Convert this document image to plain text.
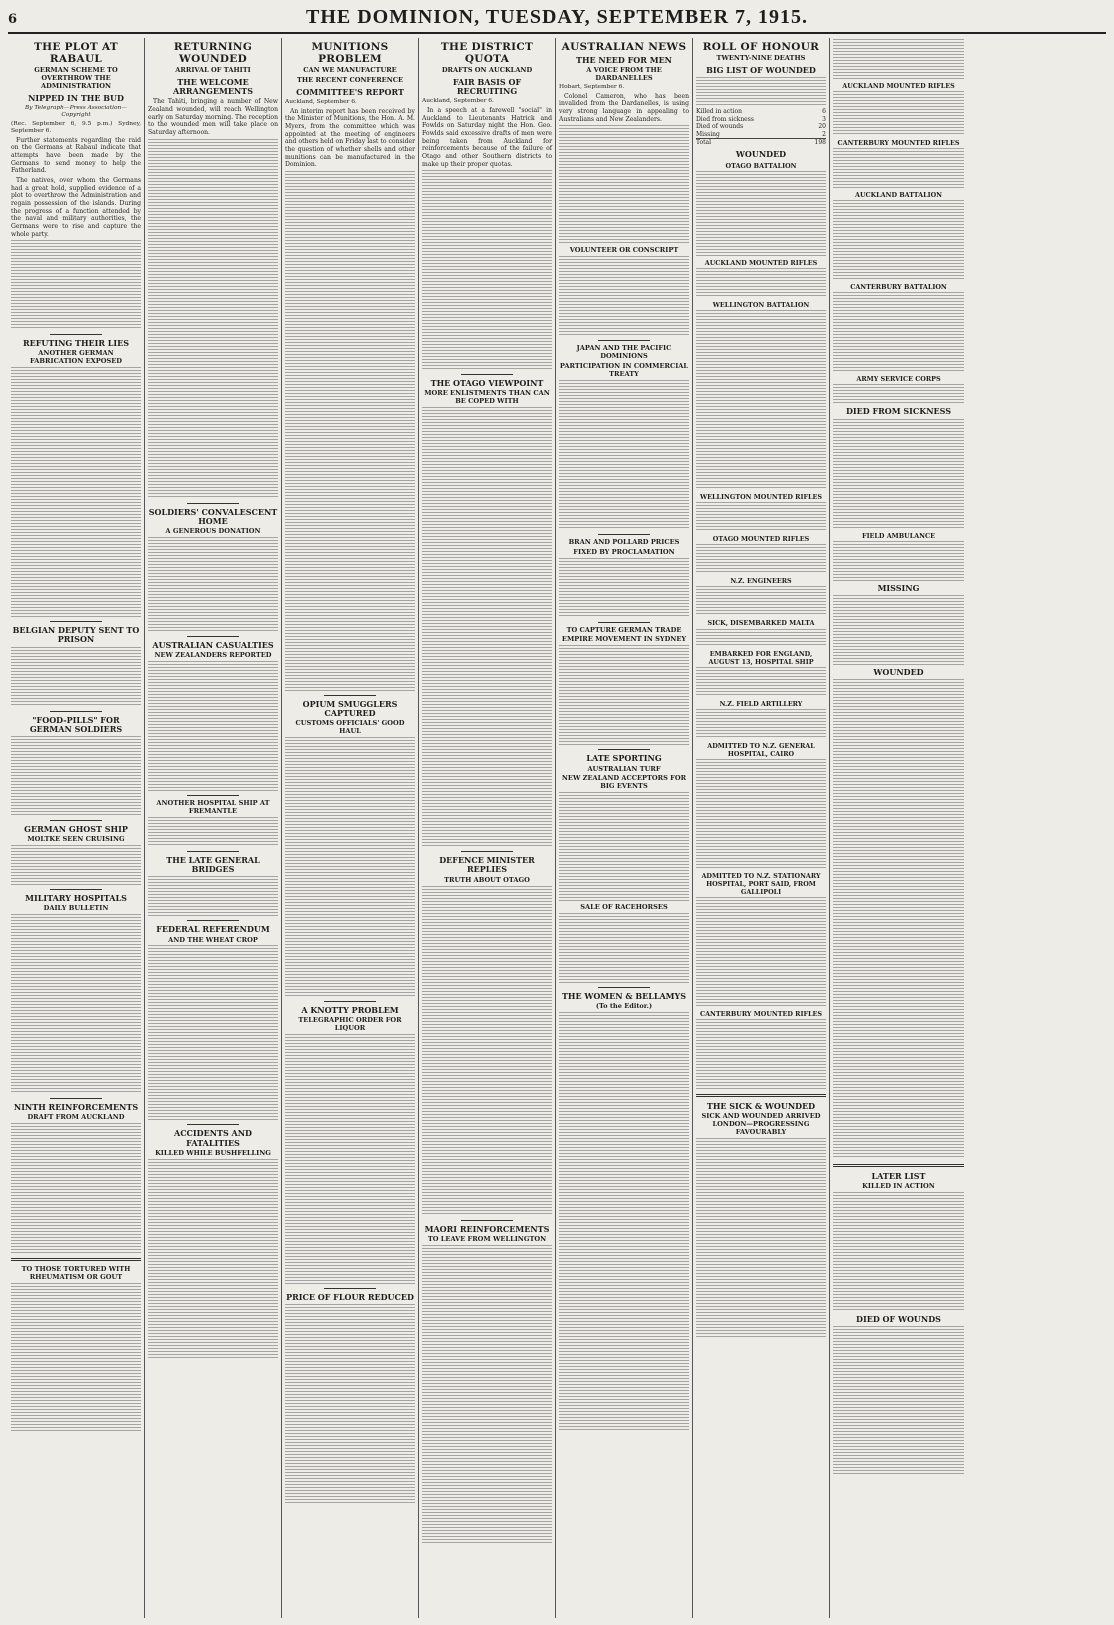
6	THE DOMINION, TUESDAY, SEPTEMBER 7, 1915.
THE PLOT AT RABAUL
GERMAN SCHEME TO OVERTHROW THE ADMINISTRATION
NIPPED IN THE BUD
By Telegraph—Press Association—Copyright
(Rec. September 6, 9.5 p.m.) Sydney, September 6.

Further statements regarding the raid on the Germans at Rabaul indicate that attempts have been made by the Germans to send money to help the Fatherland.

The natives, over whom the Germans had a great hold, supplied evidence of a plot to overthrow the Administration and regain possession of the islands. During the progress of a function attended by the naval and military authorities, the Germans were to rise and capture the whole party.

REFUTING THEIR LIES
ANOTHER GERMAN FABRICATION EXPOSED
BELGIAN DEPUTY SENT TO PRISON
"FOOD-PILLS" FOR GERMAN SOLDIERS
GERMAN GHOST SHIP
MOLTKE SEEN CRUISING
MILITARY HOSPITALS
DAILY BULLETIN
NINTH REINFORCEMENTS
DRAFT FROM AUCKLAND
TO THOSE TORTURED WITH RHEUMATISM OR GOUT
RETURNING WOUNDED
ARRIVAL OF TAHITI
THE WELCOME ARRANGEMENTS

The Tahiti, bringing a number of New Zealand wounded, will reach Wellington early on Saturday morning. The reception to the wounded men will take place on Saturday afternoon.

SOLDIERS' CONVALESCENT HOME
A GENEROUS DONATION
AUSTRALIAN CASUALTIES
NEW ZEALANDERS REPORTED
ANOTHER HOSPITAL SHIP AT FREMANTLE
THE LATE GENERAL BRIDGES
FEDERAL REFERENDUM
AND THE WHEAT CROP
ACCIDENTS AND FATALITIES
KILLED WHILE BUSHFELLING
MUNITIONS PROBLEM
CAN WE MANUFACTURE
THE RECENT CONFERENCE
COMMITTEE'S REPORT
Auckland, September 6.

An interim report has been received by the Minister of Munitions, the Hon. A. M. Myers, from the committee which was appointed at the meeting of engineers and others held on Friday last to consider the question of whether shells and other munitions can be manufactured in the Dominion.

OPIUM SMUGGLERS CAPTURED
CUSTOMS OFFICIALS' GOOD HAUL
A KNOTTY PROBLEM
TELEGRAPHIC ORDER FOR LIQUOR
PRICE OF FLOUR REDUCED
THE DISTRICT QUOTA
DRAFTS ON AUCKLAND
FAIR BASIS OF RECRUITING
Auckland, September 6.

In a speech at a farewell "social" in Auckland to Lieutenants Hatrick and Fowlds on Saturday night the Hon. Geo. Fowlds said excessive drafts of men were being taken from Auckland for reinforcements because of the failure of Otago and other Southern districts to make up their proper quotas.

THE OTAGO VIEWPOINT
MORE ENLISTMENTS THAN CAN BE COPED WITH
DEFENCE MINISTER REPLIES
TRUTH ABOUT OTAGO
MAORI REINFORCEMENTS
TO LEAVE FROM WELLINGTON
AUSTRALIAN NEWS
THE NEED FOR MEN
A VOICE FROM THE DARDANELLES
Hobart, September 6.

Colonel Cameron, who has been invalided from the Dardanelles, is using very strong language in appealing to Australians and New Zealanders.

VOLUNTEER OR CONSCRIPT
JAPAN AND THE PACIFIC DOMINIONS
PARTICIPATION IN COMMERCIAL TREATY
BRAN AND POLLARD PRICES
FIXED BY PROCLAMATION
TO CAPTURE GERMAN TRADE
EMPIRE MOVEMENT IN SYDNEY
LATE SPORTING
AUSTRALIAN TURF
NEW ZEALAND ACCEPTORS FOR BIG EVENTS
SALE OF RACEHORSES
THE WOMEN & BELLAMYS
(To the Editor.)
ROLL OF HONOUR
TWENTY-NINE DEATHS
BIG LIST OF WOUNDED
Killed in action	6
Died from sickness	3
Died of wounds	20
Missing	2
Total	198
WOUNDED
OTAGO BATTALION
AUCKLAND MOUNTED RIFLES
WELLINGTON BATTALION
WELLINGTON MOUNTED RIFLES
OTAGO MOUNTED RIFLES
N.Z. ENGINEERS
SICK, DISEMBARKED MALTA
EMBARKED FOR ENGLAND, AUGUST 13, HOSPITAL SHIP
N.Z. FIELD ARTILLERY
ADMITTED TO N.Z. GENERAL HOSPITAL, CAIRO
ADMITTED TO N.Z. STATIONARY HOSPITAL, PORT SAID, FROM GALLIPOLI
CANTERBURY MOUNTED RIFLES
THE SICK & WOUNDED
SICK AND WOUNDED ARRIVED LONDON—PROGRESSING FAVOURABLY
AUCKLAND MOUNTED RIFLES
CANTERBURY MOUNTED RIFLES
AUCKLAND BATTALION
CANTERBURY BATTALION
ARMY SERVICE CORPS
DIED FROM SICKNESS
FIELD AMBULANCE
MISSING
WOUNDED
LATER LIST
KILLED IN ACTION
DIED OF WOUNDS
